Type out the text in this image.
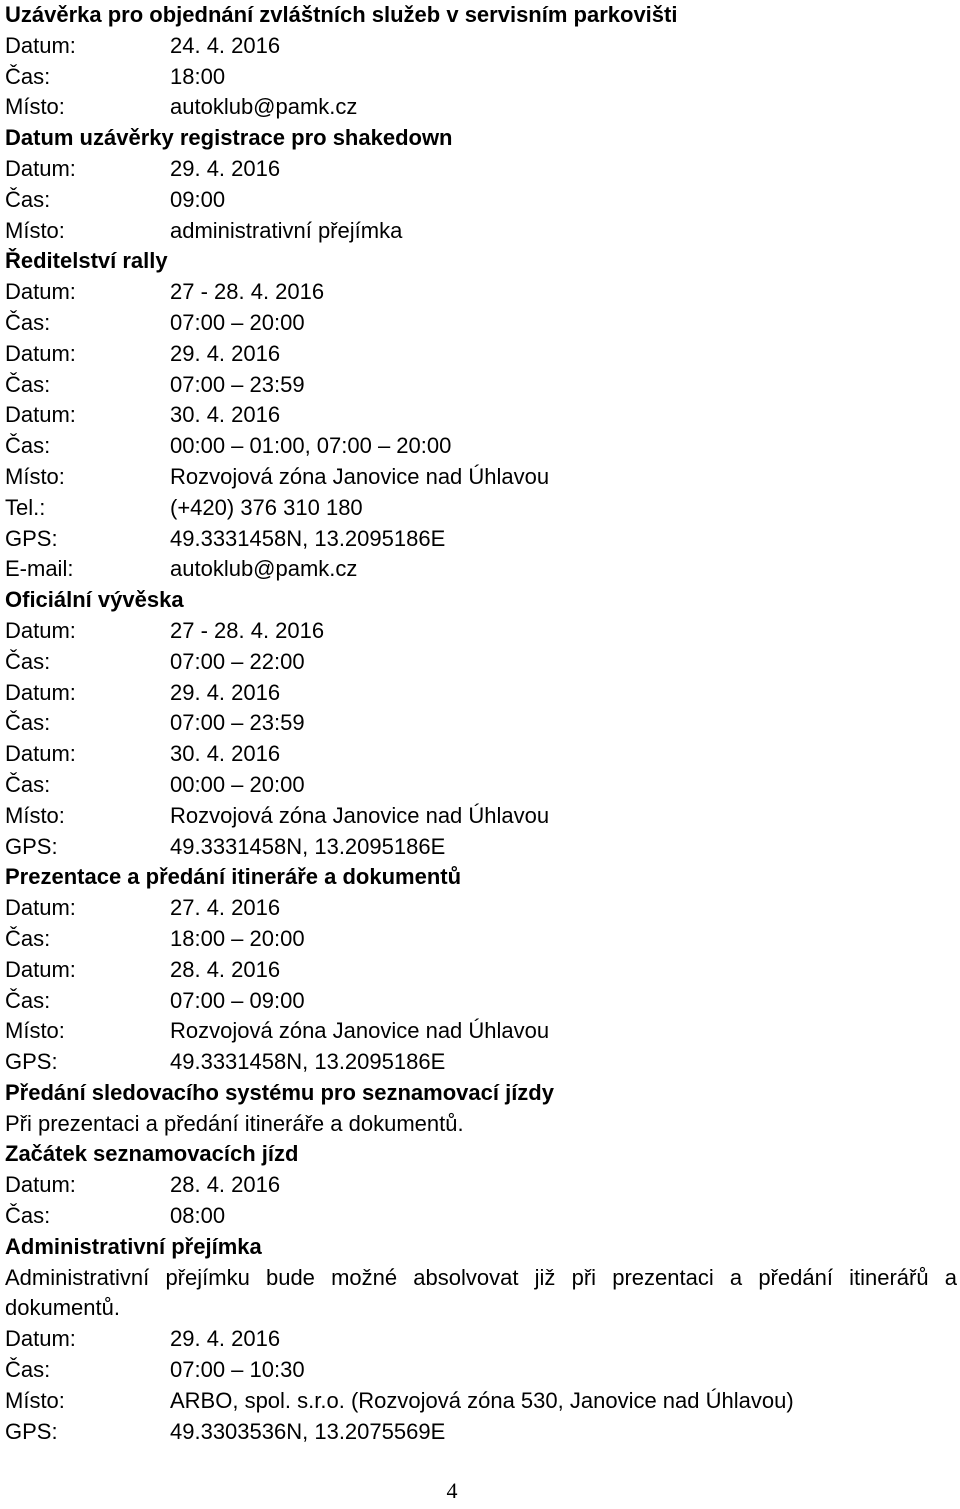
Uzávěrka pro objednání zvláštních služeb v servisním parkovišti
Datum:	24. 4. 2016
Čas:	18:00
Místo:	autoklub@pamk.cz
Datum uzávěrky registrace pro shakedown
Datum:	29. 4. 2016
Čas:	09:00
Místo:	administrativní přejímka
Ředitelství rally
Datum:	27 - 28. 4. 2016
Čas:	07:00 – 20:00
Datum:	29. 4. 2016
Čas:	07:00 – 23:59
Datum:	30. 4. 2016
Čas:	00:00 – 01:00, 07:00 – 20:00
Místo:	Rozvojová zóna Janovice nad Úhlavou
Tel.:	(+420) 376 310 180
GPS:	49.3331458N, 13.2095186E
E-mail:	autoklub@pamk.cz
Oficiální vývěska
Datum:	27 - 28. 4. 2016
Čas:	07:00 – 22:00
Datum:	29. 4. 2016
Čas:	07:00 – 23:59
Datum:	30. 4. 2016
Čas:	00:00 – 20:00
Místo:	Rozvojová zóna Janovice nad Úhlavou
GPS:	49.3331458N, 13.2095186E
Prezentace a předání itineráře a dokumentů
Datum:	27. 4. 2016
Čas:	18:00 – 20:00
Datum:	28. 4. 2016
Čas:	07:00 – 09:00
Místo:	Rozvojová zóna Janovice nad Úhlavou
GPS:	49.3331458N, 13.2095186E
Předání sledovacího systému pro seznamovací jízdy
Při prezentaci a předání itineráře a dokumentů.
Začátek seznamovacích jízd
Datum:	28. 4. 2016
Čas:	08:00
Administrativní přejímka
Administrativní přejímku bude možné absolvovat již při prezentaci a předání itinerářů a dokumentů.
Datum:	29. 4. 2016
Čas:	07:00 – 10:30
Místo:	ARBO, spol. s.r.o. (Rozvojová zóna 530, Janovice nad Úhlavou)
GPS:	49.3303536N, 13.2075569E
4
